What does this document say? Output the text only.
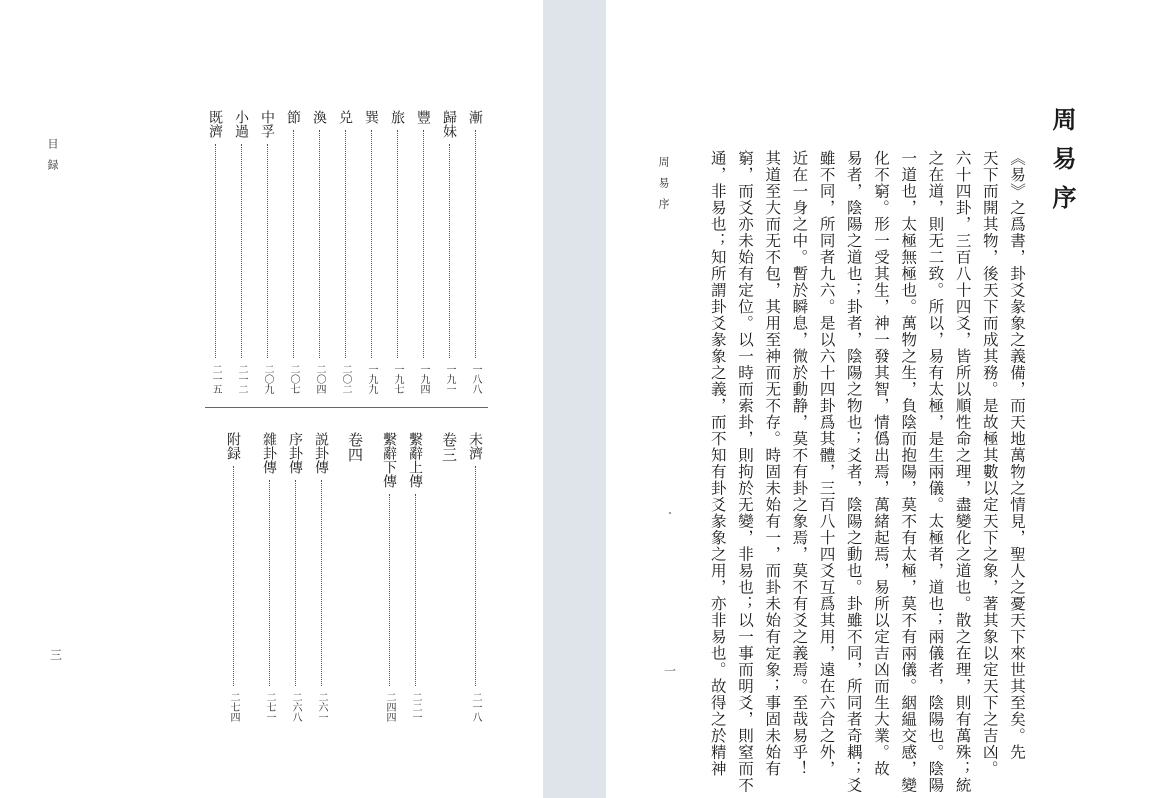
目録
三
周易序
一
漸
一八八
歸妹
一九一
豐
一九四
旅
一九七
巽
一九九
兑
二〇二
渙
二〇四
節
二〇七
中孚
二〇九
小過
二一二
既濟
二一五
未濟
二一八
卷三
繫辭上傳
二二一
繫辭下傳
二四四
卷四
説卦傳
二六一
序卦傳
二六八
雜卦傳
二七一
附録
二七四
周易序
《易》之爲書，卦爻彖象之義備，而天地萬物之情見，聖人之憂天下來世其至矣。先
天下而開其物，後天下而成其務。是故極其數以定天下之象，著其象以定天下之吉凶。
六十四卦，三百八十四爻，皆所以順性命之理，盡變化之道也。散之在理，則有萬殊；統
之在道，則无二致。所以，易有太極，是生兩儀。太極者，道也；兩儀者，陰陽也。陰陽
一道也，太極無極也。萬物之生，負陰而抱陽，莫不有太極，莫不有兩儀。絪緼交感，變
化不窮。形一受其生，神一發其智，情僞出焉，萬緒起焉，易所以定吉凶而生大業。故
易者，陰陽之道也；卦者，陰陽之物也；爻者，陰陽之動也。卦雖不同，所同者奇耦；爻
雖不同，所同者九六。是以六十四卦爲其體，三百八十四爻互爲其用，遠在六合之外，
近在一身之中。暫於瞬息，微於動静，莫不有卦之象焉，莫不有爻之義焉。至哉易乎！
其道至大而无不包，其用至神而无不存。時固未始有一，而卦未始有定象；事固未始有
窮，而爻亦未始有定位。以一時而索卦，則拘於无變，非易也；以一事而明爻，則窒而不
通，非易也；知所謂卦爻彖象之義，而不知有卦爻彖象之用，亦非易也。故得之於精神
